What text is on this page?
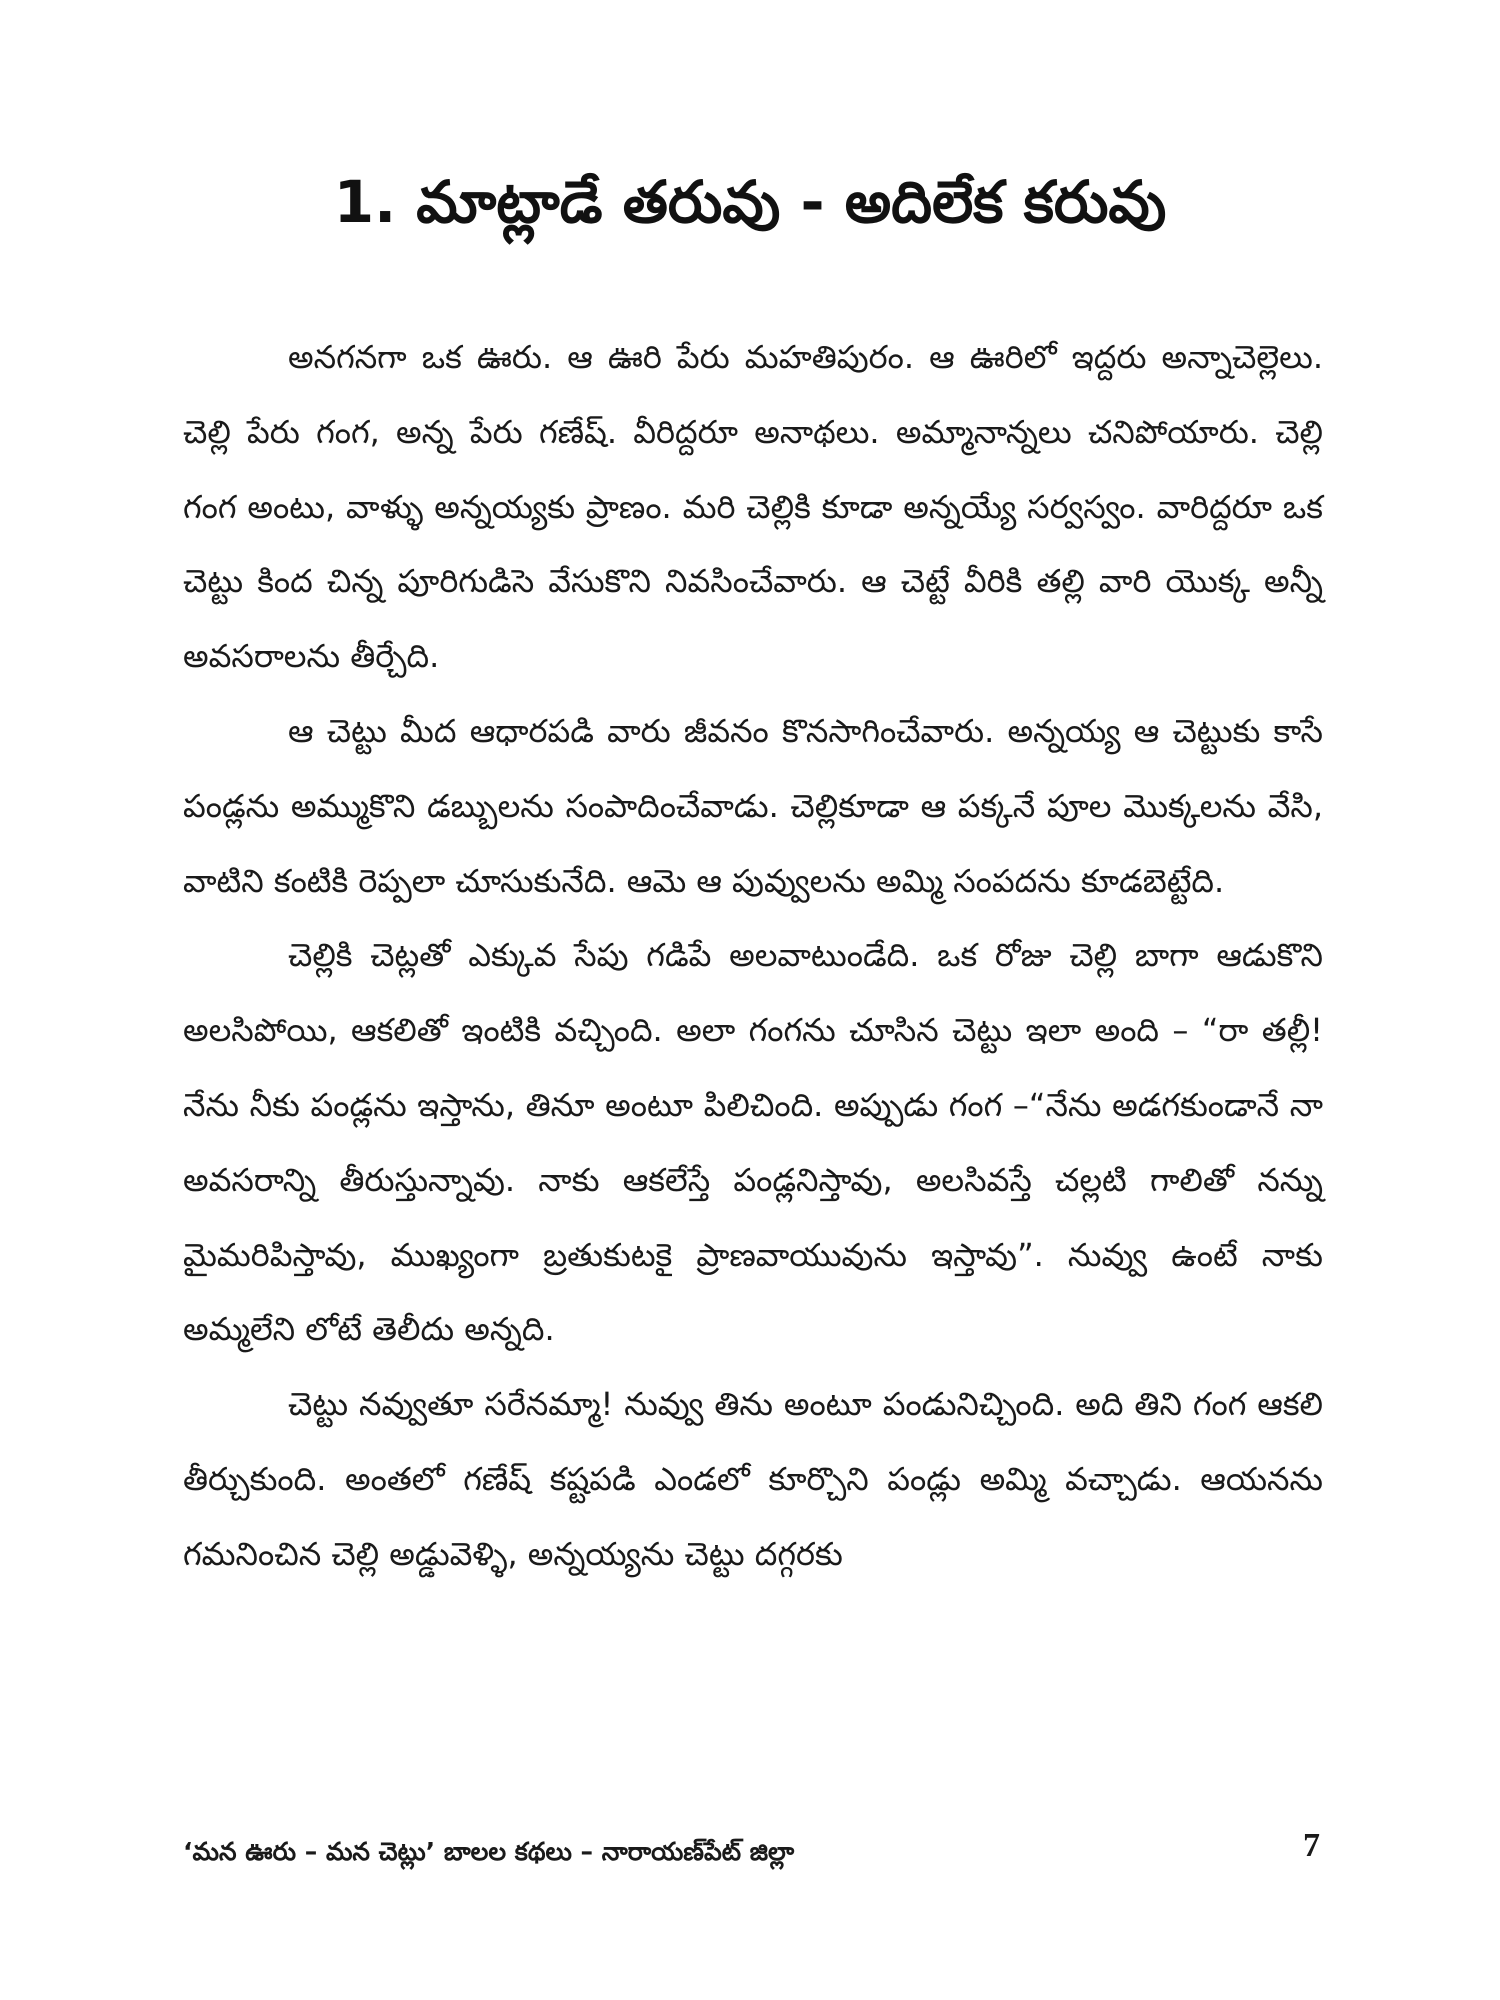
1. మాట్లాడే తరువు - అదిలేక కరువు

అనగనగా ఒక ఊరు. ఆ ఊరి పేరు మహతిపురం. ఆ ఊరిలో ఇద్దరు అన్నాచెల్లెలు. చెల్లి పేరు గంగ, అన్న పేరు గణేష్. వీరిద్దరూ అనాథలు. అమ్మానాన్నలు చనిపోయారు. చెల్లి గంగ అంటు, వాళ్ళు అన్నయ్యకు ప్రాణం. మరి చెల్లికి కూడా అన్నయ్యే సర్వస్వం. వారిద్దరూ ఒక చెట్టు కింద చిన్న పూరిగుడిసె వేసుకొని నివసించేవారు. ఆ చెట్టే వీరికి తల్లి వారి యొక్క అన్నీ అవసరాలను తీర్చేది.

ఆ చెట్టు మీద ఆధారపడి వారు జీవనం కొనసాగించేవారు. అన్నయ్య ఆ చెట్టుకు కాసే పండ్లను అమ్ముకొని డబ్బులను సంపాదించేవాడు. చెల్లికూడా ఆ పక్కనే పూల మొక్కలను వేసి, వాటిని కంటికి రెప్పలా చూసుకునేది. ఆమె ఆ పువ్వులను అమ్మి సంపదను కూడబెట్టేది.

చెల్లికి చెట్లతో ఎక్కువ సేపు గడిపే అలవాటుండేది. ఒక రోజు చెల్లి బాగా ఆడుకొని అలసిపోయి, ఆకలితో ఇంటికి వచ్చింది. అలా గంగను చూసిన చెట్టు ఇలా అంది – “రా తల్లీ! నేను నీకు పండ్లను ఇస్తాను, తినూ అంటూ పిలిచింది. అప్పుడు గంగ –“నేను అడగకుండానే నా అవసరాన్ని తీరుస్తున్నావు. నాకు ఆకలేస్తే పండ్లనిస్తావు, అలసివస్తే చల్లటి గాలితో నన్ను మైమరిపిస్తావు, ముఖ్యంగా బ్రతుకుటకై ప్రాణవాయువును ఇస్తావు”. నువ్వు ఉంటే నాకు అమ్మలేని లోటే తెలీదు అన్నది.

చెట్టు నవ్వుతూ సరేనమ్మా! నువ్వు తిను అంటూ పండునిచ్చింది. అది తిని గంగ ఆకలి తీర్చుకుంది. అంతలో గణేష్ కష్టపడి ఎండలో కూర్చొని పండ్లు అమ్మి వచ్చాడు. ఆయనను గమనించిన చెల్లి అడ్డువెళ్ళి, అన్నయ్యను చెట్టు దగ్గరకు

‘మన ఊరు – మన చెట్లు’ బాలల కథలు – నారాయణ్‌పేట్ జిల్లా	7
